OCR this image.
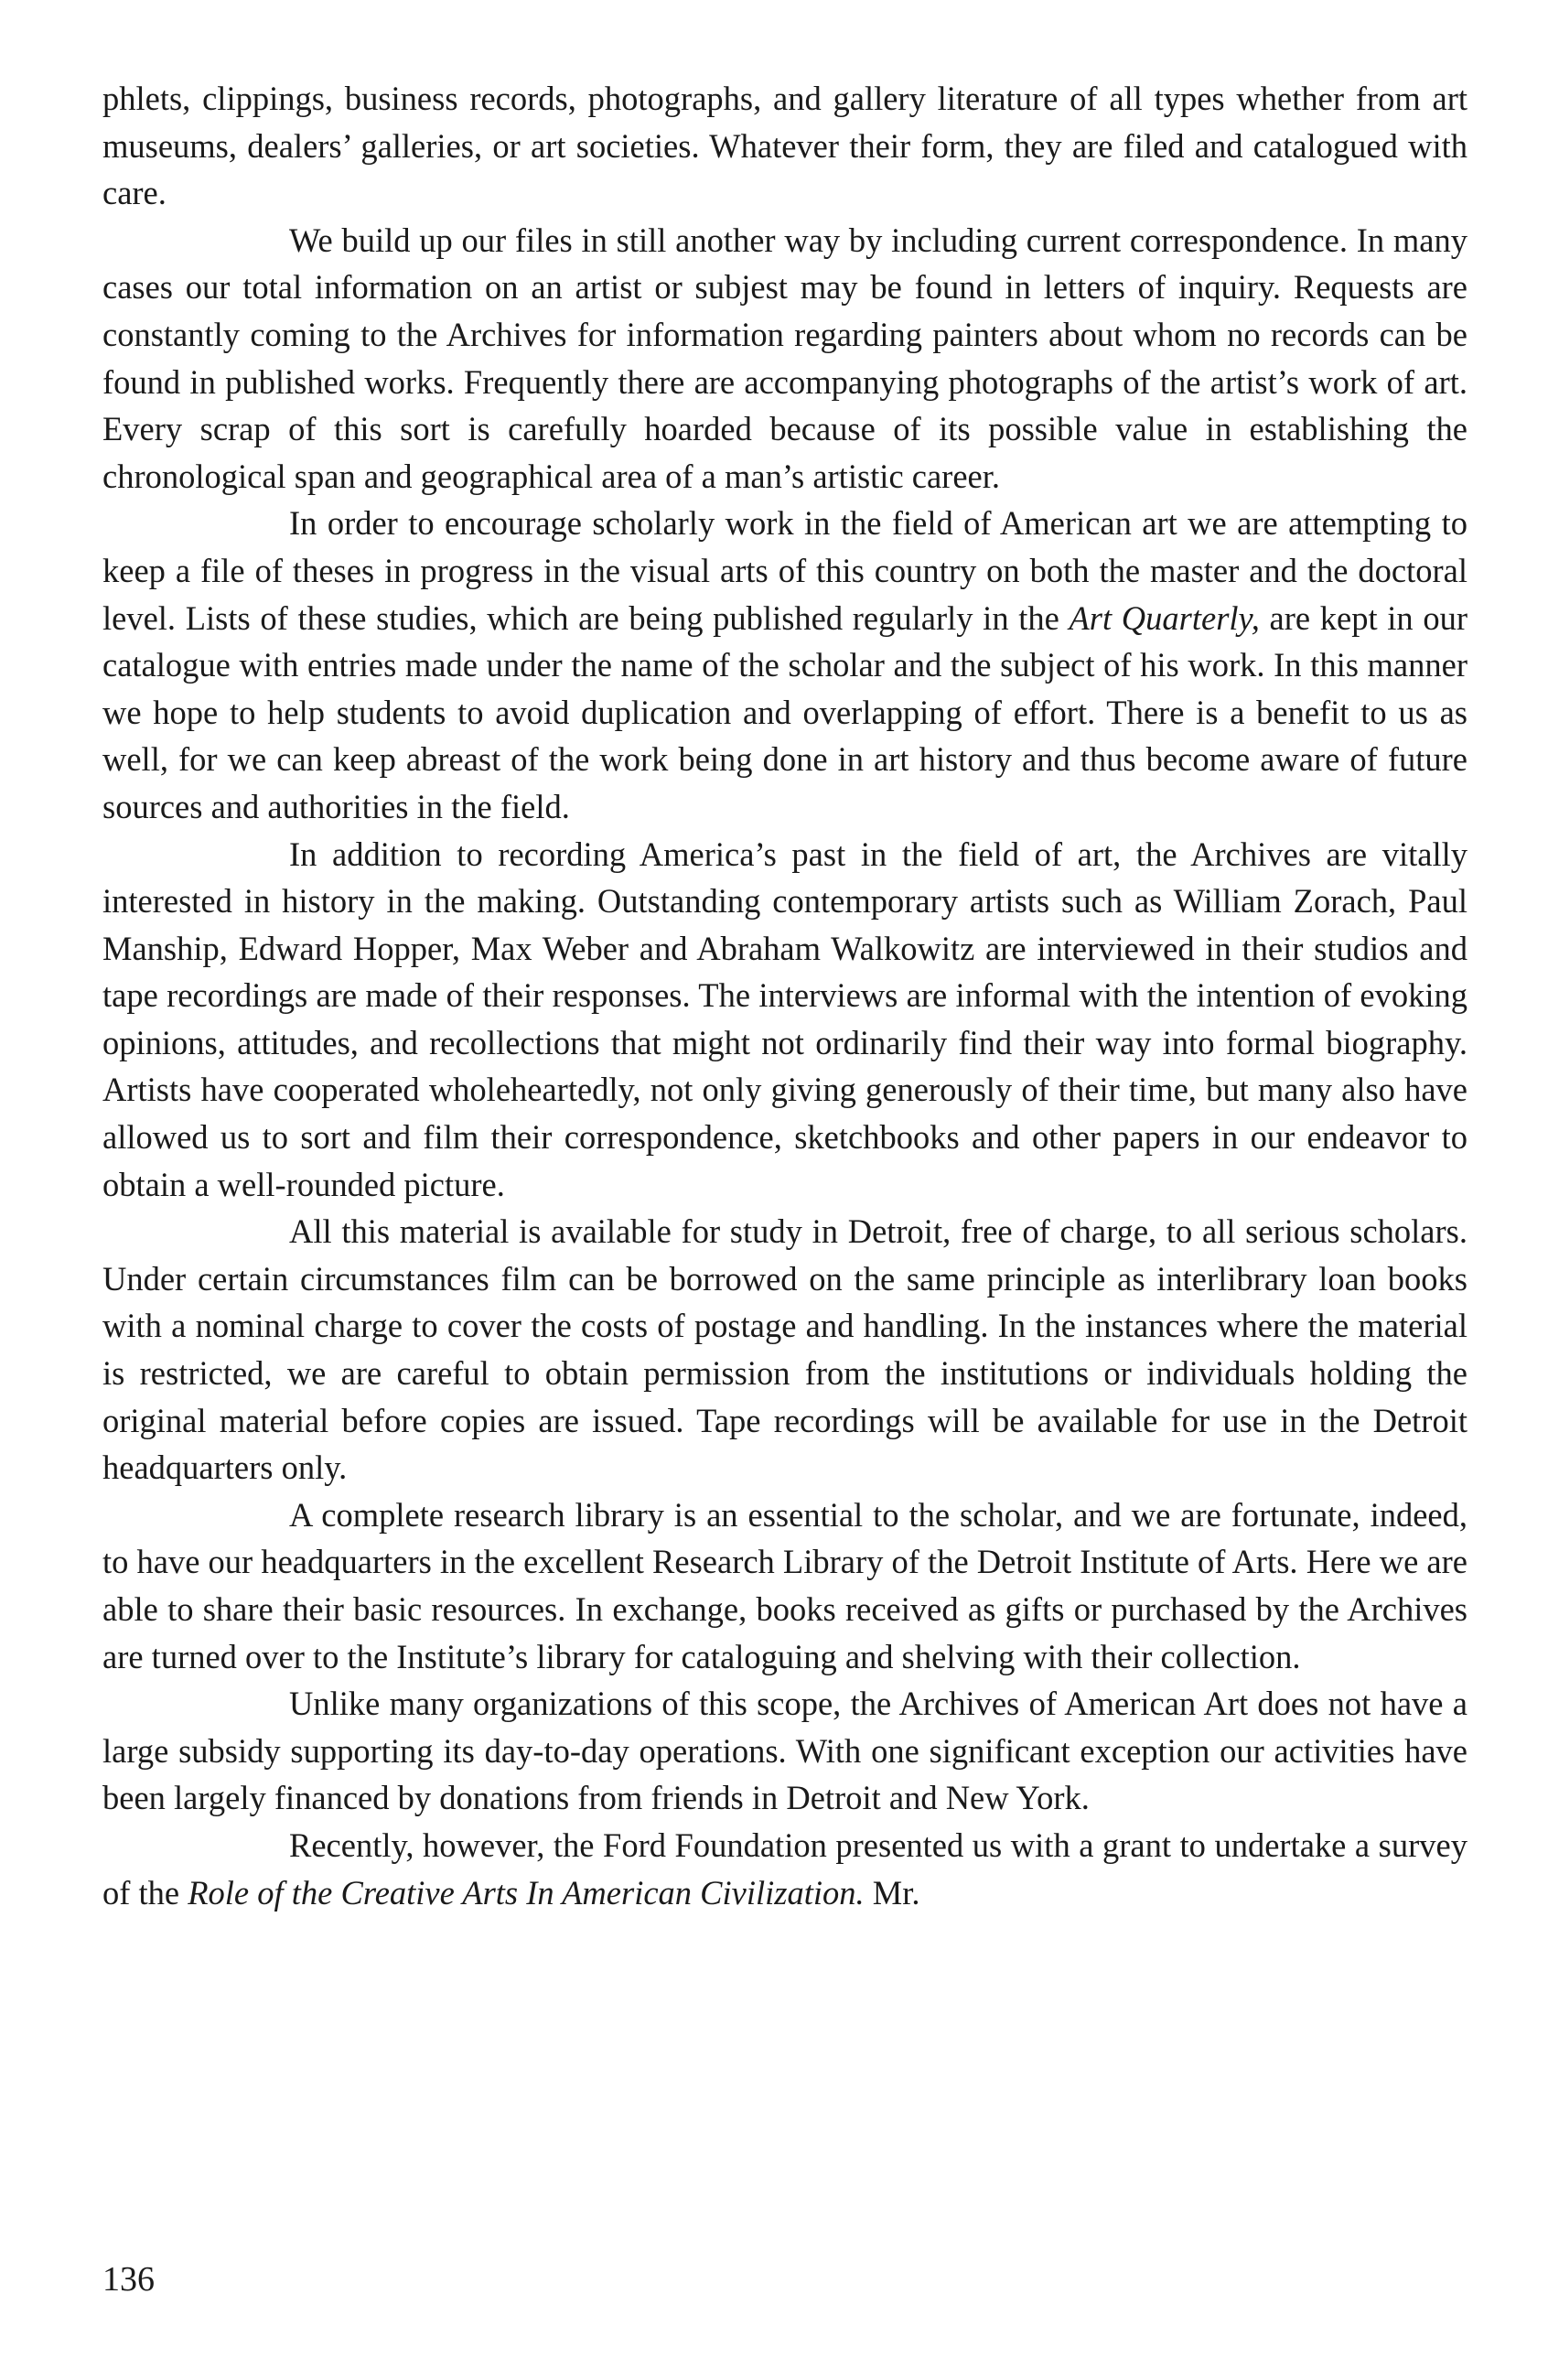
phlets, clippings, business records, photographs, and gallery literature of all types whether from art museums, dealers’ galleries, or art societies. Whatever their form, they are filed and catalogued with care.

We build up our files in still another way by including current correspondence. In many cases our total information on an artist or subjest may be found in letters of inquiry. Requests are constantly coming to the Archives for information regarding painters about whom no records can be found in published works. Frequently there are accompanying photographs of the artist’s work of art. Every scrap of this sort is carefully hoarded because of its possible value in establishing the chronological span and geographical area of a man’s artistic career.

In order to encourage scholarly work in the field of American art we are attempting to keep a file of theses in progress in the visual arts of this country on both the master and the doctoral level. Lists of these studies, which are being published regularly in the Art Quarterly, are kept in our catalogue with entries made under the name of the scholar and the subject of his work. In this manner we hope to help students to avoid duplication and overlapping of effort. There is a benefit to us as well, for we can keep abreast of the work being done in art history and thus become aware of future sources and authorities in the field.

In addition to recording America’s past in the field of art, the Archives are vitally interested in history in the making. Outstanding contemporary artists such as William Zorach, Paul Manship, Edward Hopper, Max Weber and Abraham Walkowitz are interviewed in their studios and tape recordings are made of their responses. The interviews are informal with the intention of evoking opinions, attitudes, and recollections that might not ordinarily find their way into formal biography. Artists have cooperated wholeheartedly, not only giving generously of their time, but many also have allowed us to sort and film their correspondence, sketchbooks and other papers in our endeavor to obtain a well-rounded picture.

All this material is available for study in Detroit, free of charge, to all serious scholars. Under certain circumstances film can be borrowed on the same principle as interlibrary loan books with a nominal charge to cover the costs of postage and handling. In the instances where the material is restricted, we are careful to obtain permission from the institutions or individuals holding the original material before copies are issued. Tape recordings will be available for use in the Detroit headquarters only.

A complete research library is an essential to the scholar, and we are fortunate, indeed, to have our headquarters in the excellent Research Library of the Detroit Institute of Arts. Here we are able to share their basic resources. In exchange, books received as gifts or purchased by the Archives are turned over to the Institute’s library for cataloguing and shelving with their collection.

Unlike many organizations of this scope, the Archives of American Art does not have a large subsidy supporting its day-to-day operations. With one significant exception our activities have been largely financed by donations from friends in Detroit and New York.

Recently, however, the Ford Foundation presented us with a grant to undertake a survey of the Role of the Creative Arts In American Civilization. Mr.

136
